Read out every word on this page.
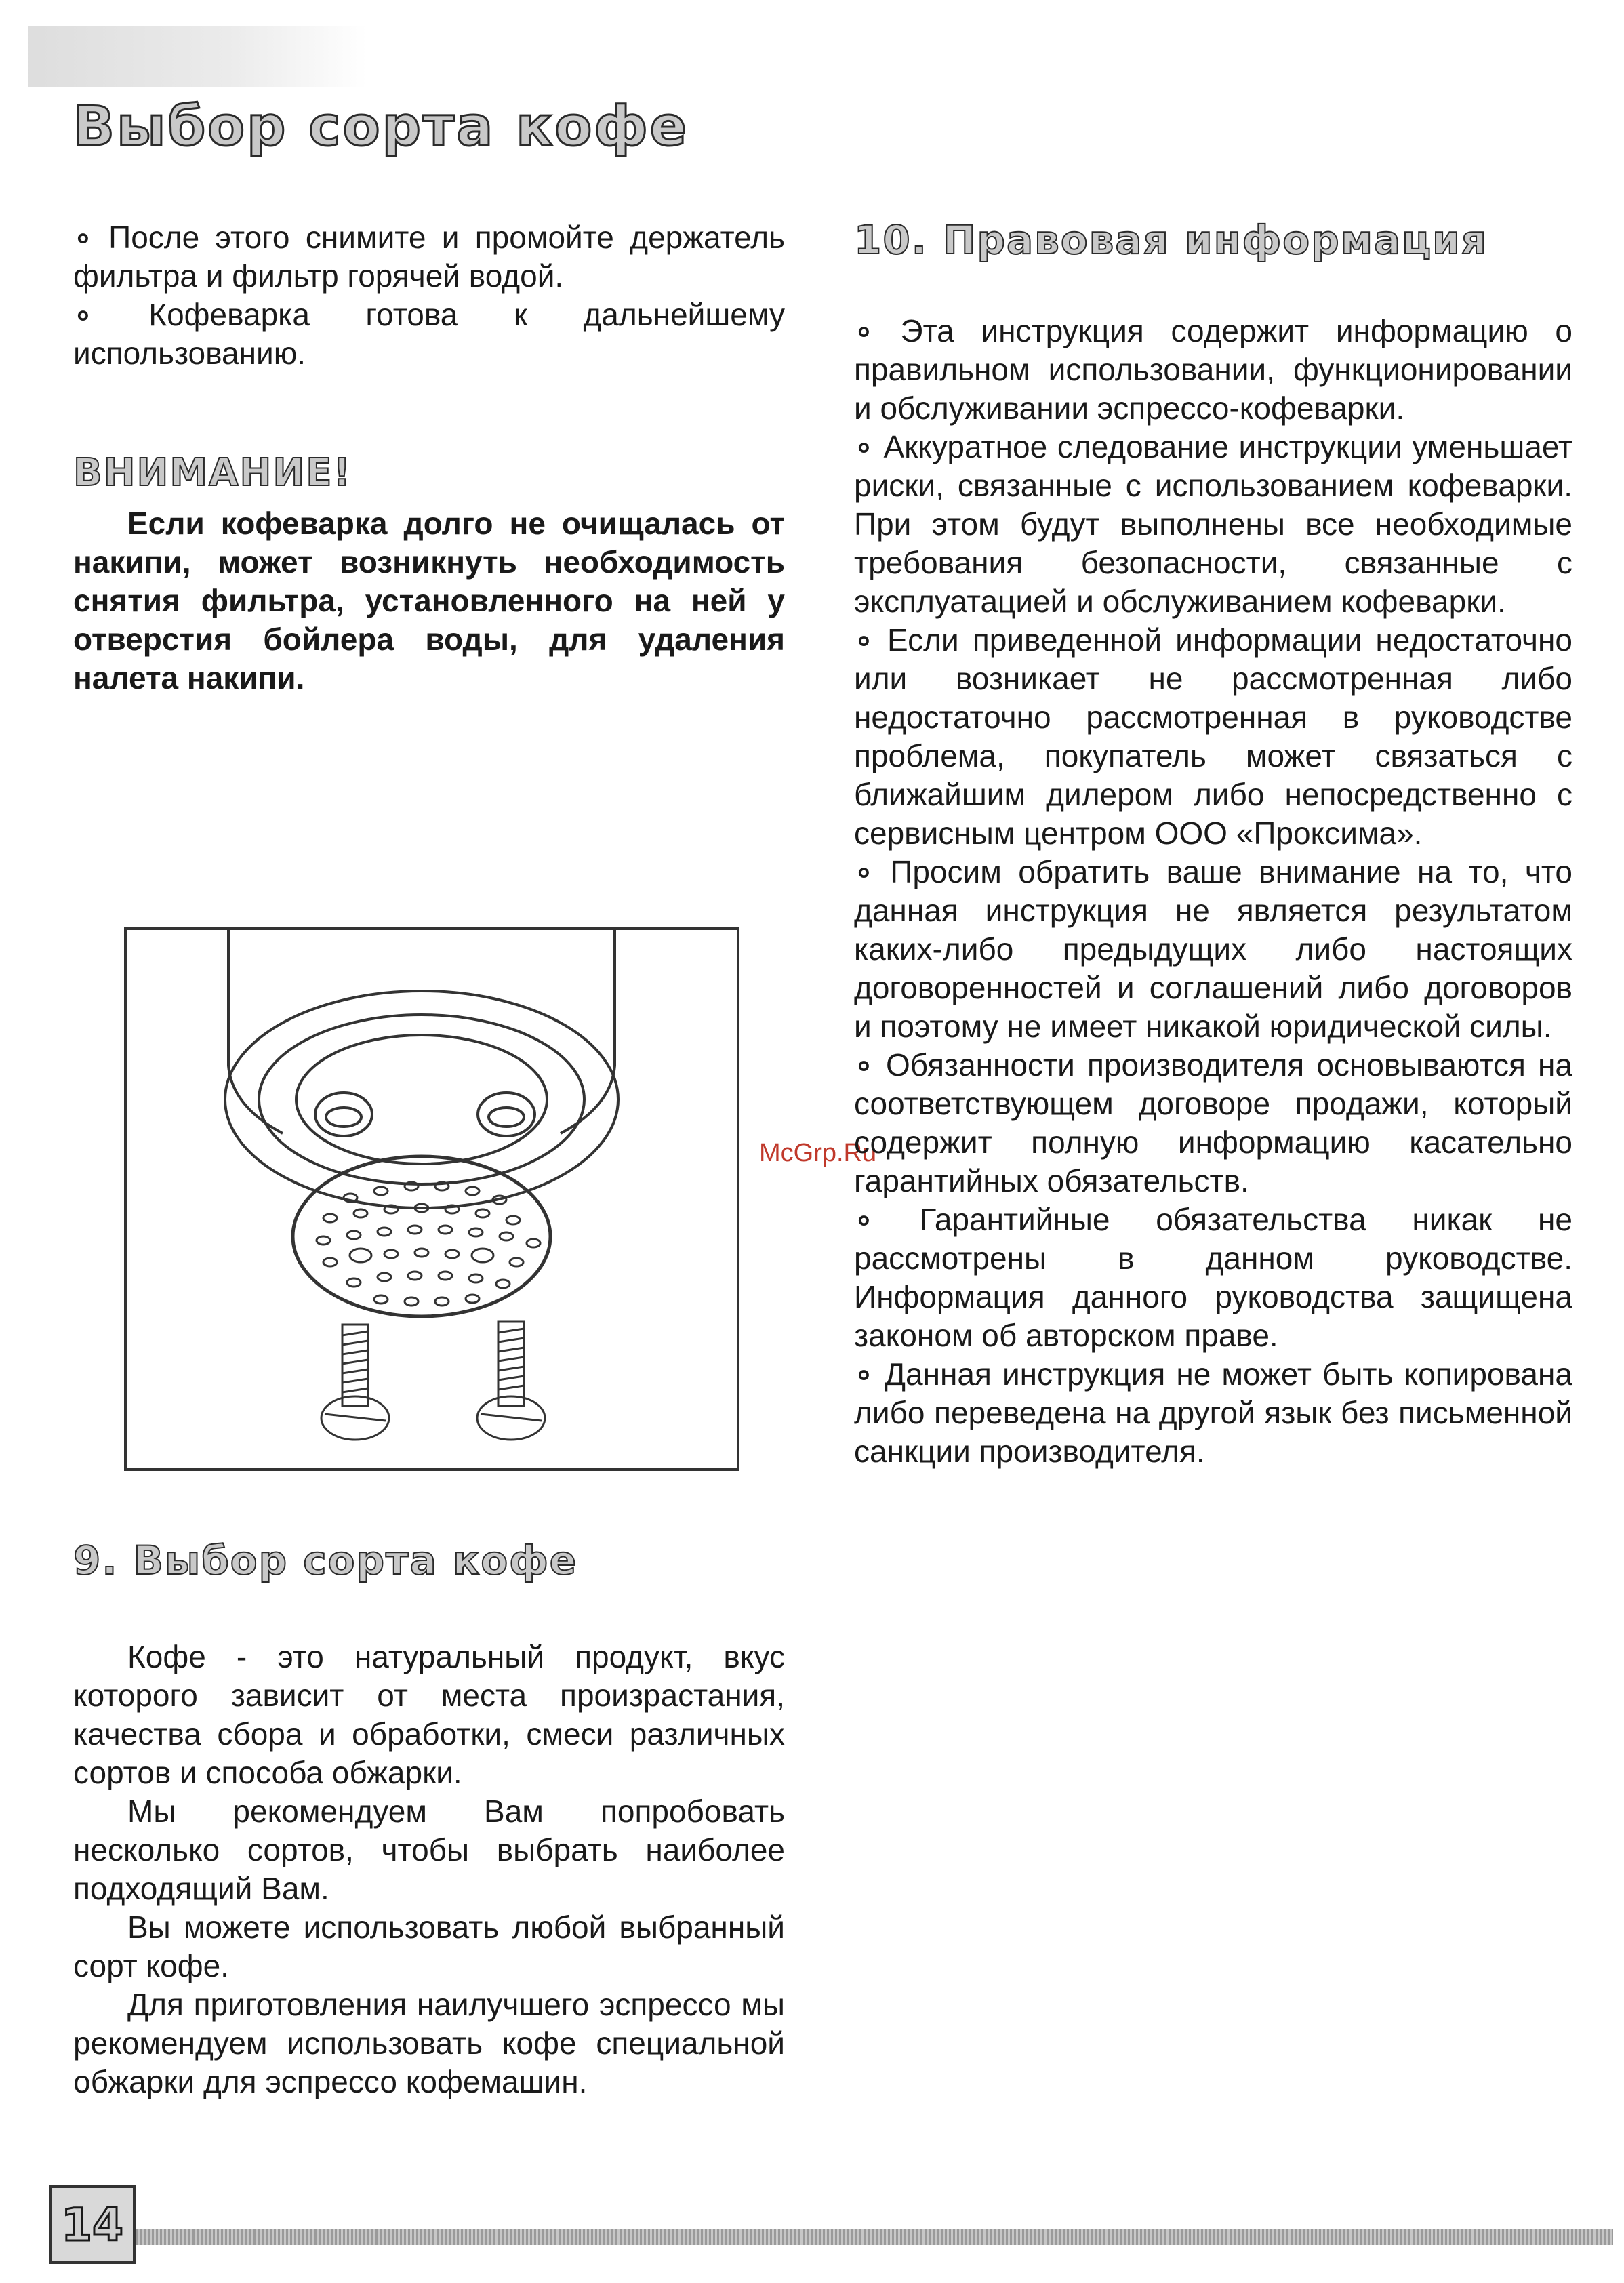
Выбор сорта кофе

∘ После этого снимите и промойте держатель фильтра и фильтр горячей водой.

∘ Кофеварка готова к дальнейшему использованию.

ВНИМАНИЕ!

Если кофеварка долго не очищалась от накипи, может возникнуть необходимость снятия фильтра, установленного на ней у отверстия бойлера воды, для удаления налета накипи.

McGrp.Ru
9. Выбор сорта кофе

Кофе - это натуральный продукт, вкус которого зависит от места произрастания, качества сбора и обработки, смеси различных сортов и способа обжарки.

Мы рекомендуем Вам попробовать несколько сортов, чтобы выбрать наиболее подходящий Вам.

Вы можете использовать любой выбранный сорт кофе.

Для приготовления наилучшего эспрессо мы рекомендуем использовать кофе специальной обжарки для эспрессо кофемашин.

10. Правовая информация

∘ Эта инструкция содержит информацию о правильном использовании, функционировании и обслуживании эспрессо-кофеварки.

∘ Аккуратное следование инструкции уменьшает риски, связанные с использованием кофеварки. При этом будут выполнены все необходимые требования безопасности, связанные с эксплуатацией и обслуживанием кофеварки.

∘ Если приведенной информации недостаточно или возникает не рассмотренная либо недостаточно рассмотренная в руководстве проблема, покупатель может связаться с ближайшим дилером либо непосредственно с сервисным центром ООО «Проксима».

∘ Просим обратить ваше внимание на то, что данная инструкция не является результатом каких-либо предыдущих либо настоящих договоренностей и соглашений либо договоров и поэтому не имеет никакой юридической силы.

∘ Обязанности производителя основываются на соответствующем договоре продажи, который содержит полную информацию касательно гарантийных обязательств.

∘ Гарантийные обязательства никак не рассмотрены в данном руководстве. Информация данного руководства защищена законом об авторском праве.

∘ Данная инструкция не может быть копирована либо переведена на другой язык без письменной санкции производителя.

14
